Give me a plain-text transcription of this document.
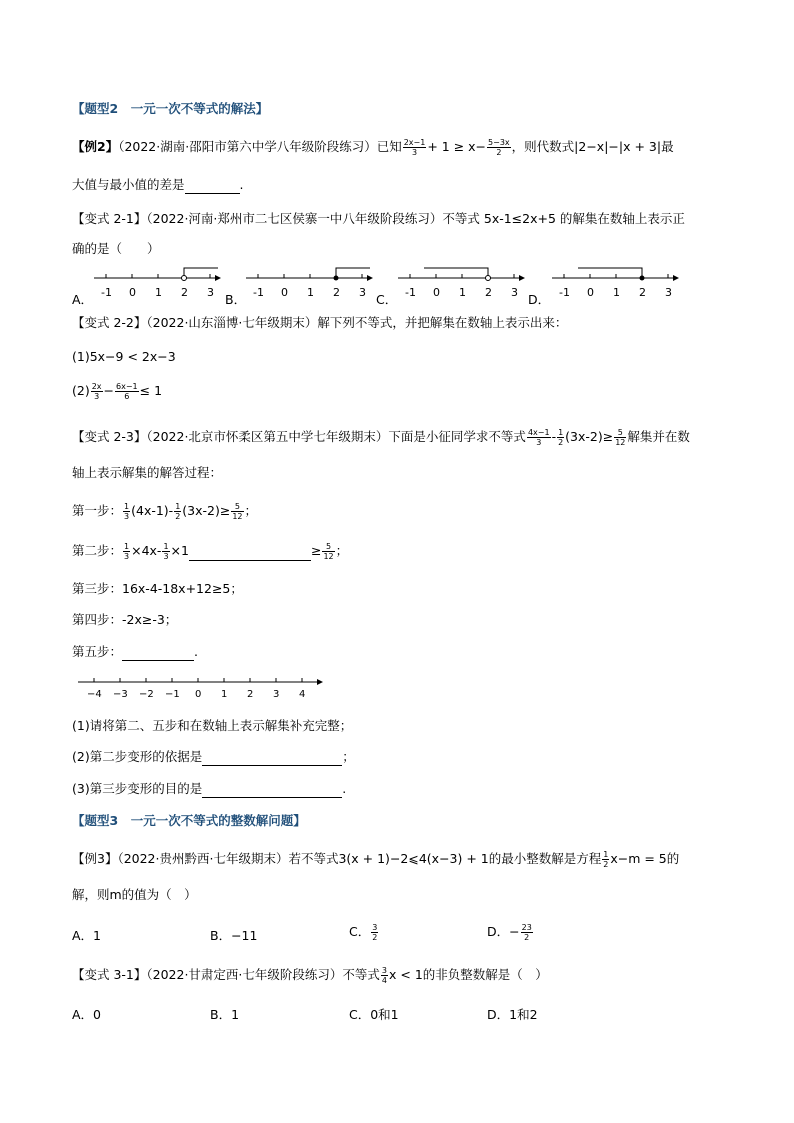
【题型2　一元一次不等式的解法】
【例2】（2022·湖南·邵阳市第六中学八年级阶段练习）已知 $\frac{2x-1}{3} + 1 \ge x- \frac{5-3x}{2}$ ，则代数式|2−x|−|x + 3|最
大值与最小值的差是	.
【变式 2-1】（2022·河南·郑州市二七区侯寨一中八年级阶段练习）不等式 5x-1≤2x+5 的解集在数轴上表示正
确的是（　　）
A．	B．	C．	D．
-1 0 1 2 3	-1 0 1 2 3	-1 0 1 2 3	-1 0 1 2 3
【变式 2-2】（2022·山东淄博·七年级期末）解下列不等式，并把解集在数轴上表示出来：
(1)5x−9 < 2x−3
$(2) \frac{2x}{3} - \frac{6x-1}{6} \le 1$
【变式 2-3】（2022·北京市怀柔区第五中学七年级期末）下面是小征同学求不等式 $\frac{4x-1}{3} - \frac{1}{2} (3x-2)\ge \frac{5}{12}$ 解集并在数
轴上表示解集的解答过程：
第一步： $\frac{1}{3} (4x-1)- \frac{1}{2} (3x-2)\ge \frac{5}{12}$ ；
第二步： $\frac{1}{3} \times 4x- \frac{1}{3} \times 1$	≥ $\frac{5}{12}$ ；
第三步：16x-4-18x+12≥5；
第四步：-2x≥-3；
第五步：	.
−4 −3 −2 −1 0 1 2 3 4
(1)请将第二、五步和在数轴上表示解集补充完整；
(2)第二步变形的依据是	；
(3)第三步变形的目的是	.
【题型3　一元一次不等式的整数解问题】
【例3】（2022·贵州黔西·七年级期末）若不等式3(x + 1)−2⩽4(x−3) + 1的最小整数解是方程 $\frac{1}{2} x-m = 5$的
解，则m的值为（　）
A．1	B．−11	C． $\frac{3}{2}$	D．− $\frac{23}{2}$
【变式 3-1】（2022·甘肃定西·七年级阶段练习）不等式 $\frac{3}{4}$ x < 1的非负整数解是（　）
A．0	B．1	C．0和1	D．1和2
